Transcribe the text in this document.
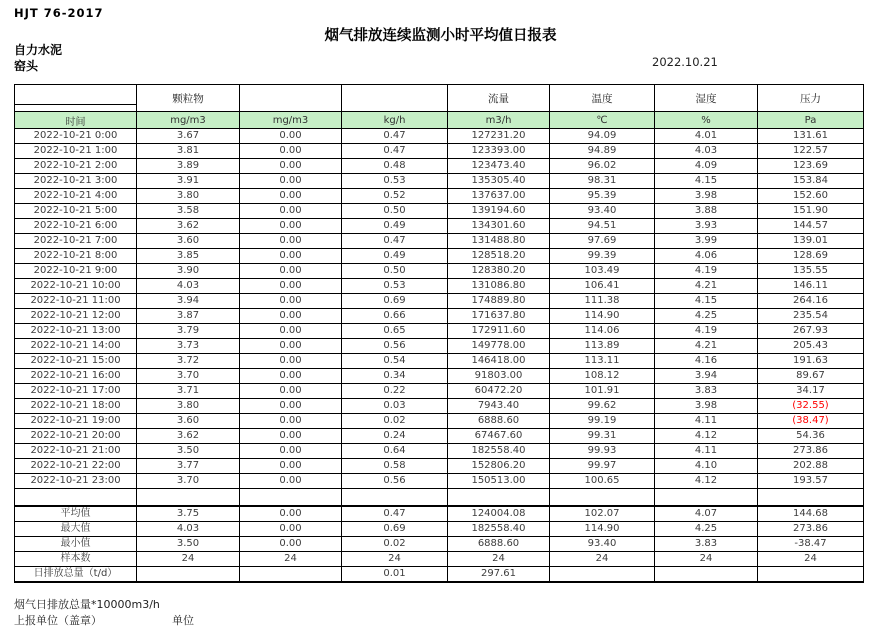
HJT 76-2017
烟气排放连续监测小时平均值日报表
自力水泥
窑头	2022.10.21
	颗粒物			流量	温度	湿度	压力
时间	mg/m3	mg/m3	kg/h	m3/h	℃	%	Pa
2022-10-21 0:00	3.67	0.00	0.47	127231.20	94.09	4.01	131.61
2022-10-21 1:00	3.81	0.00	0.47	123393.00	94.89	4.03	122.57
2022-10-21 2:00	3.89	0.00	0.48	123473.40	96.02	4.09	123.69
2022-10-21 3:00	3.91	0.00	0.53	135305.40	98.31	4.15	153.84
2022-10-21 4:00	3.80	0.00	0.52	137637.00	95.39	3.98	152.60
2022-10-21 5:00	3.58	0.00	0.50	139194.60	93.40	3.88	151.90
2022-10-21 6:00	3.62	0.00	0.49	134301.60	94.51	3.93	144.57
2022-10-21 7:00	3.60	0.00	0.47	131488.80	97.69	3.99	139.01
2022-10-21 8:00	3.85	0.00	0.49	128518.20	99.39	4.06	128.69
2022-10-21 9:00	3.90	0.00	0.50	128380.20	103.49	4.19	135.55
2022-10-21 10:00	4.03	0.00	0.53	131086.80	106.41	4.21	146.11
2022-10-21 11:00	3.94	0.00	0.69	174889.80	111.38	4.15	264.16
2022-10-21 12:00	3.87	0.00	0.66	171637.80	114.90	4.25	235.54
2022-10-21 13:00	3.79	0.00	0.65	172911.60	114.06	4.19	267.93
2022-10-21 14:00	3.73	0.00	0.56	149778.00	113.89	4.21	205.43
2022-10-21 15:00	3.72	0.00	0.54	146418.00	113.11	4.16	191.63
2022-10-21 16:00	3.70	0.00	0.34	91803.00	108.12	3.94	89.67
2022-10-21 17:00	3.71	0.00	0.22	60472.20	101.91	3.83	34.17
2022-10-21 18:00	3.80	0.00	0.03	7943.40	99.62	3.98	(32.55)
2022-10-21 19:00	3.60	0.00	0.02	6888.60	99.19	4.11	(38.47)
2022-10-21 20:00	3.62	0.00	0.24	67467.60	99.31	4.12	54.36
2022-10-21 21:00	3.50	0.00	0.64	182558.40	99.93	4.11	273.86
2022-10-21 22:00	3.77	0.00	0.58	152806.20	99.97	4.10	202.88
2022-10-21 23:00	3.70	0.00	0.56	150513.00	100.65	4.12	193.57

平均值	3.75	0.00	0.47	124004.08	102.07	4.07	144.68
最大值	4.03	0.00	0.69	182558.40	114.90	4.25	273.86
最小值	3.50	0.00	0.02	6888.60	93.40	3.83	-38.47
样本数	24	24	24	24	24	24	24
日排放总量（t/d）			0.01	297.61			
烟气日排放总量*10000m3/h
上报单位（盖章）	单位
